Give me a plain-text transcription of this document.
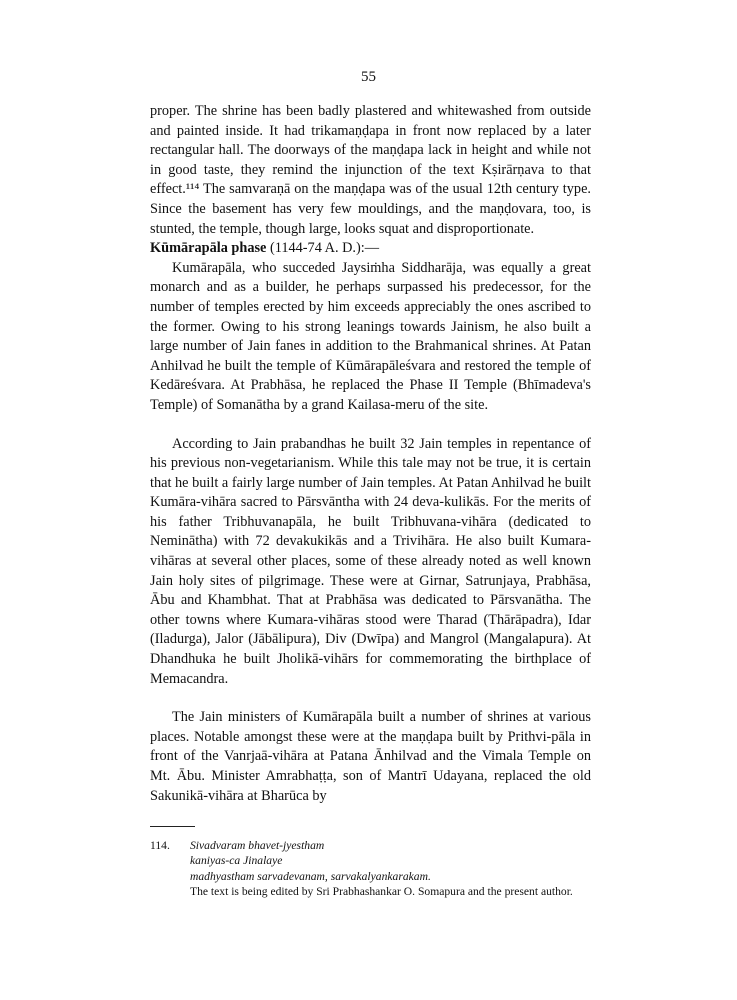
55

proper. The shrine has been badly plastered and whitewashed from outside and painted inside. It had trikamaṇḍapa in front now replaced by a later rectangular hall. The doorways of the maṇḍapa lack in height and while not in good taste, they remind the injunction of the text Kṣirārṇava to that effect.¹¹⁴ The samvaraṇā on the maṇḍapa was of the usual 12th century type. Since the basement has very few mouldings, and the maṇḍovara, too, is stunted, the temple, though large, looks squat and disproportionate.

Kūmārapāla phase (1144-74 A. D.):—

Kumārapāla, who succeded Jaysiṁha Siddharāja, was equally a great monarch and as a builder, he perhaps surpassed his predecessor, for the number of temples erected by him exceeds appreciably the ones ascribed to the former. Owing to his strong leanings towards Jainism, he also built a large number of Jain fanes in addition to the Brahmanical shrines. At Patan Anhilvad he built the temple of Kūmārapāleśvara and restored the temple of Kedāreśvara. At Prabhāsa, he replaced the Phase II Temple (Bhīmadeva's Temple) of Somanātha by a grand Kailasa-meru of the site.

According to Jain prabandhas he built 32 Jain temples in repentance of his previous non-vegetarianism. While this tale may not be true, it is certain that he built a fairly large number of Jain temples. At Patan Anhilvad he built Kumāra-vihāra sacred to Pārsvāntha with 24 deva-kulikās. For the merits of his father Tribhuvanapāla, he built Tribhuvana-vihāra (dedicated to Nemināthа) with 72 devakukikās and a Trivihāra. He also built Kumara-vihāras at several other places, some of these already noted as well known Jain holy sites of pilgrimage. These were at Girnar, Satrunjaya, Prabhāsa, Ābu and Khambhat. That at Prabhāsa was dedicated to Pārsvanātha. The other towns where Kumara-vihāras stood were Tharad (Thārāpadra), Idar (Iladurga), Jalor (Jābālipura), Div (Dwīpa) and Mangrol (Mangalapura). At Dhandhuka he built Jholikā-vihārs for commemorating the birthplace of Memacandra.

The Jain ministers of Kumārapāla built a number of shrines at various places. Notable amongst these were at the maṇḍapa built by Prithvi-pāla in front of the Vanrjaā-vihāra at Patana Ānhilvad and the Vimala Temple on Mt. Ābu. Minister Amrabhaṭṭa, son of Mantrī Udayana, replaced the old Sakunikā-vihāra at Bharūca by

114.	Sivadvaram bhavet-jyestham
kaniyas-ca Jinalaye
madhyastham sarvadevanam, sarvakalyankarakam.
The text is being edited by Sri Prabhashankar O. Somapura and the present author.
